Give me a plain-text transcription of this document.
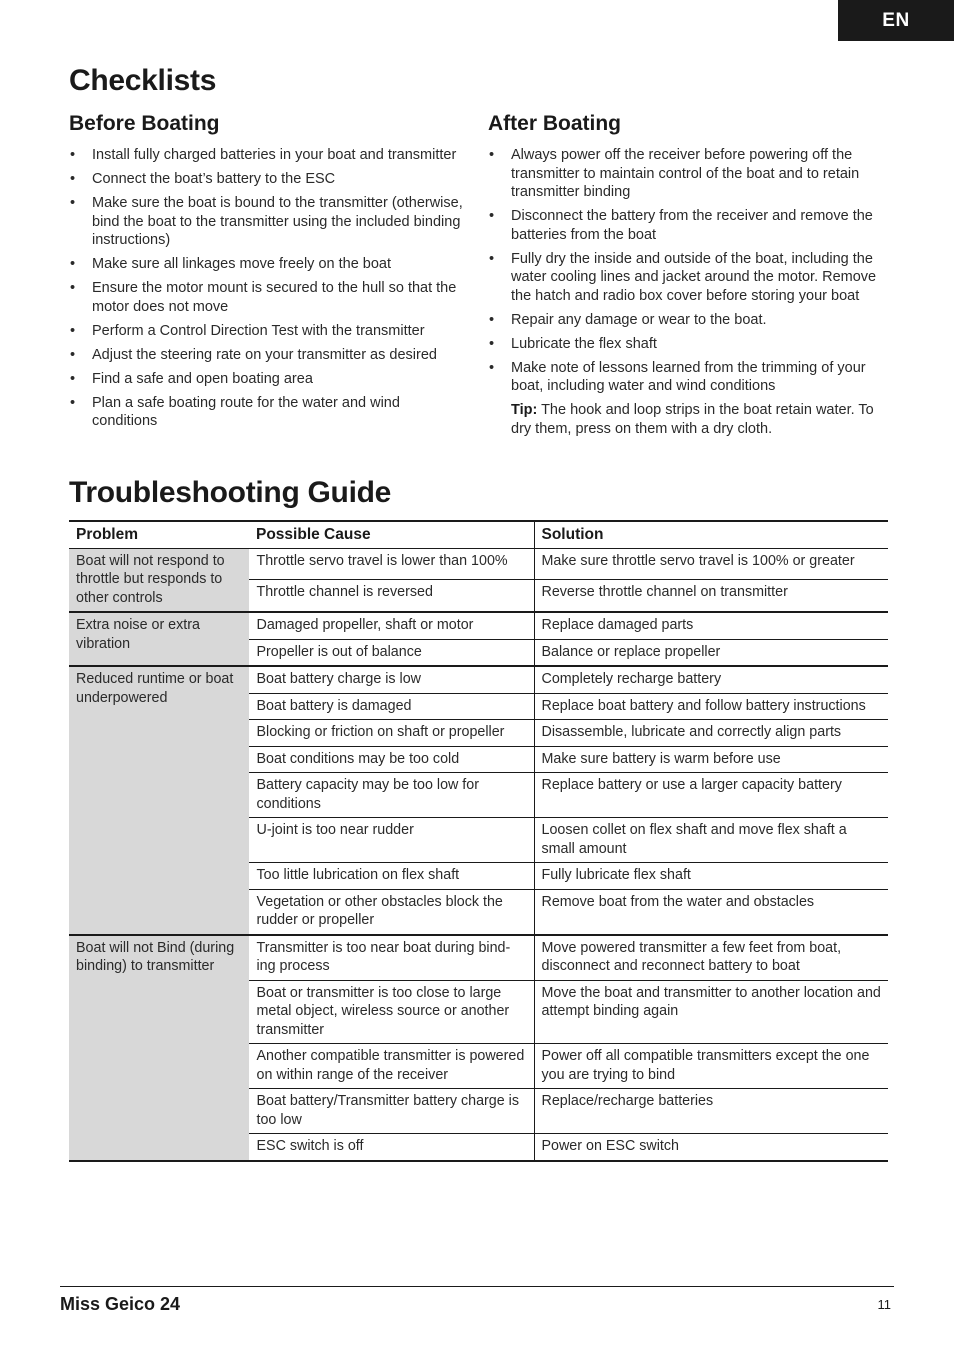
EN
Checklists
Before Boating
• Install fully charged batteries in your boat and transmitter
• Connect the boat’s battery to the ESC
• Make sure the boat is bound to the transmitter (otherwise, bind the boat to the transmitter using the included binding instructions)
• Make sure all linkages move freely on the boat
• Ensure the motor mount is secured to the hull so that the motor does not move
• Perform a Control Direction Test with the transmitter
• Adjust the steering rate on your transmitter as desired
• Find a safe and open boating area
• Plan a safe boating route for the water and wind conditions
After Boating
• Always power off the receiver before powering off the transmitter to maintain control of the boat and to retain transmitter binding
• Disconnect the battery from the receiver and remove the batteries from the boat
• Fully dry the inside and outside of the boat, including the water cooling lines and jacket around the motor. Remove the hatch and radio box cover before storing your boat
• Repair any damage or wear to the boat.
• Lubricate the flex shaft
• Make note of lessons learned from the trimming of your boat, including water and wind conditions
Tip: The hook and loop strips in the boat retain water. To dry them, press on them with a dry cloth.
Troubleshooting Guide
Problem	Possible Cause	Solution
Boat will not respond to throttle but responds to other controls	Throttle servo travel is lower than 100%	Make sure throttle servo travel is 100% or greater
	Throttle channel is reversed	Reverse throttle channel on transmitter
Extra noise or extra vibration	Damaged propeller, shaft or motor	Replace damaged parts
	Propeller is out of balance	Balance or replace propeller
Reduced runtime or boat underpowered	Boat battery charge is low	Completely recharge battery
	Boat battery is damaged	Replace boat battery and follow battery instructions
	Blocking or friction on shaft or propeller	Disassemble, lubricate and correctly align parts
	Boat conditions may be too cold	Make sure battery is warm before use
	Battery capacity may be too low for conditions	Replace battery or use a larger capacity battery
	U-joint is too near rudder	Loosen collet on flex shaft and move flex shaft a small amount
	Too little lubrication on flex shaft	Fully lubricate flex shaft
	Vegetation or other obstacles block the rudder or propeller	Remove boat from the water and obstacles
Boat will not Bind (during binding) to transmitter	Transmitter is too near boat during bind-ing process	Move powered transmitter a few feet from boat, disconnect and reconnect battery to boat
	Boat or transmitter is too close to large metal object, wireless source or another transmitter	Move the boat and transmitter to another location and attempt binding again
	Another compatible transmitter is powered on within range of the receiver	Power off all compatible transmitters except the one you are trying to bind
	Boat battery/Transmitter battery charge is too low	Replace/recharge batteries
	ESC switch is off	Power on ESC switch
Miss Geico 24	11
